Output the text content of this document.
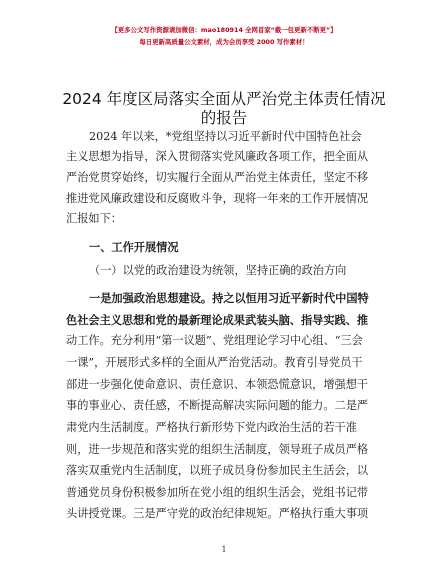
【更多公文写作资源请加微信：mao180914 全网首家“截一包更新不断更”】
每日更新高质量公文素材，成为会员享受 2000 写作素材！
2024 年度区局落实全面从严治党主体责任情况
的报告
2024 年以来，*党组坚持以习近平新时代中国特色社会
主义思想为指导，深入贯彻落实党风廉政各项工作，把全面从
严治党贯穿始终，切实履行全面从严治党主体责任，坚定不移
推进党风廉政建设和反腐败斗争，现将一年来的工作开展情况
汇报如下：
一、工作开展情况
（一）以党的政治建设为统领，坚持正确的政治方向
一是加强政治思想建设。持之以恒用习近平新时代中国特
色社会主义思想和党的最新理论成果武装头脑、指导实践、推
动工作。充分利用“第一议题”、党组理论学习中心组、“三会
一课”，开展形式多样的全面从严治党活动。教育引导党员干
部进一步强化使命意识、责任意识、本领恐慌意识，增强想干
事的事业心、责任感，不断提高解决实际问题的能力。二是严
肃党内生活制度。严格执行新形势下党内政治生活的若干准
则，进一步规范和落实党的组织生活制度，领导班子成员严格
落实双重党内生活制度，以班子成员身份参加民主生活会，以
普通党员身份积极参加所在党小组的组织生活会，党组书记带
头讲授党课。三是严守党的政治纪律规矩。严格执行重大事项
1
